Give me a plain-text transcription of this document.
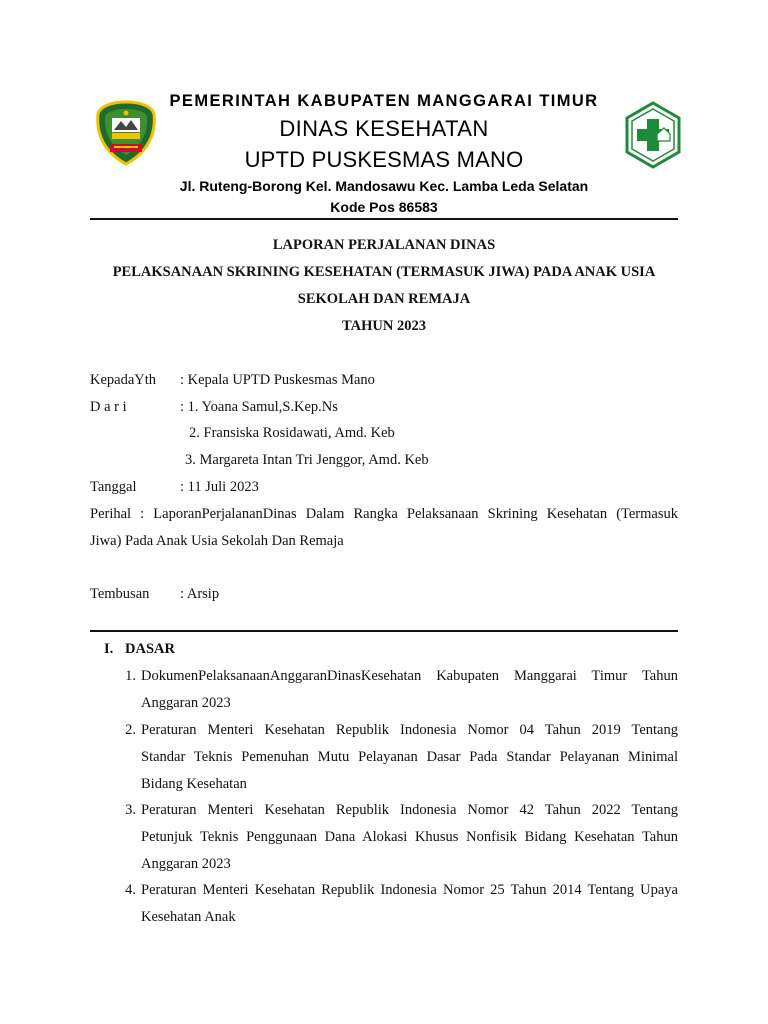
PEMERINTAH KABUPATEN MANGGARAI TIMUR
DINAS KESEHATAN
UPTD PUSKESMAS MANO
Jl. Ruteng-Borong Kel. Mandosawu Kec. Lamba Leda Selatan
Kode Pos 86583
LAPORAN PERJALANAN DINAS
PELAKSANAAN SKRINING KESEHATAN (TERMASUK JIWA) PADA ANAK USIA
SEKOLAH DAN REMAJA
TAHUN 2023
KepadaYth : Kepala UPTD Puskesmas Mano
D a r i	: 1. Yoana Samul,S.Kep.Ns
2. Fransiska Rosidawati, Amd. Keb
3. Margareta Intan Tri Jenggor, Amd. Keb
Tanggal	: 11 Juli 2023
Perihal : LaporanPerjalananDinas Dalam Rangka Pelaksanaan Skrining Kesehatan (Termasuk
Jiwa) Pada Anak Usia Sekolah Dan Remaja
Tembusan : Arsip
I. DASAR
1. DokumenPelaksanaanAnggaranDinasKesehatan Kabupaten Manggarai Timur Tahun
Anggaran 2023
2. Peraturan Menteri Kesehatan Republik Indonesia Nomor 04 Tahun 2019 Tentang
Standar Teknis Pemenuhan Mutu Pelayanan Dasar Pada Standar Pelayanan Minimal
Bidang Kesehatan
3. Peraturan Menteri Kesehatan Republik Indonesia Nomor 42 Tahun 2022 Tentang
Petunjuk Teknis Penggunaan Dana Alokasi Khusus Nonfisik Bidang Kesehatan Tahun
Anggaran 2023
4. Peraturan Menteri Kesehatan Republik Indonesia Nomor 25 Tahun 2014 Tentang Upaya
Kesehatan Anak
